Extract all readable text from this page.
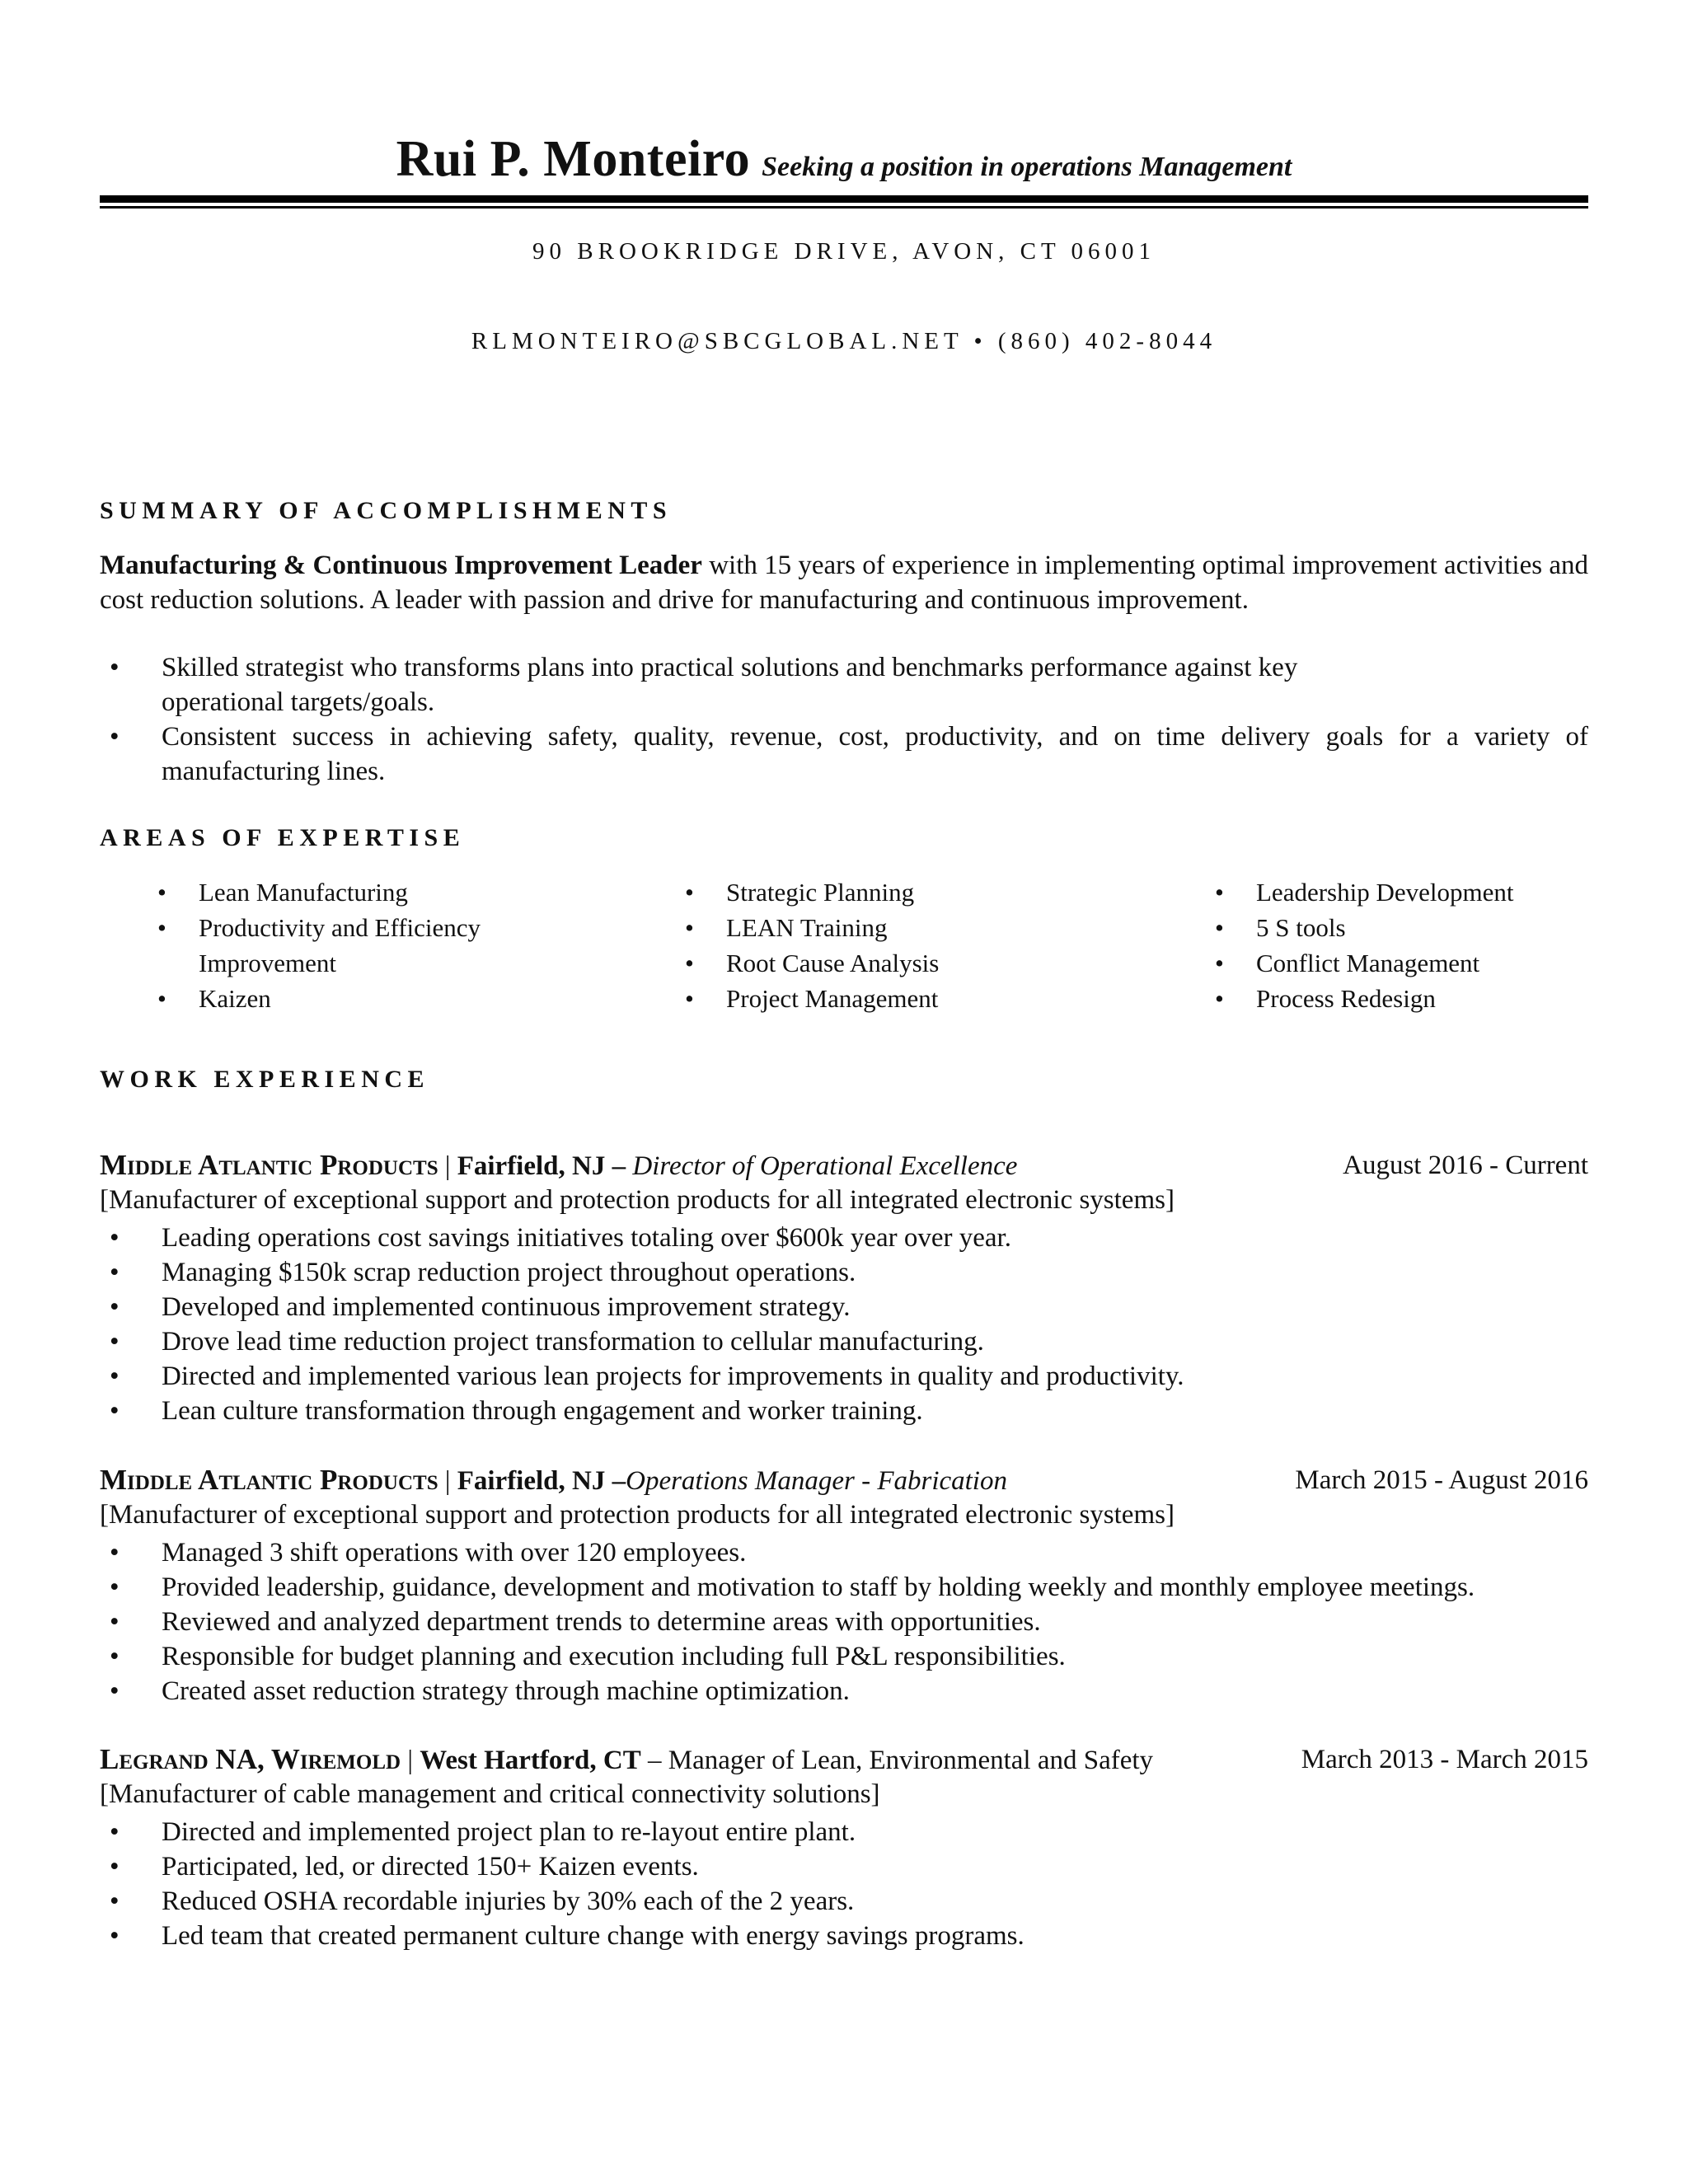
Rui P. Monteiro Seeking a position in operations Management
90 BROOKRIDGE DRIVE, AVON, CT 06001
RLMONTEIRO@SBCGLOBAL.NET • (860) 402-8044
SUMMARY OF ACCOMPLISHMENTS
Manufacturing & Continuous Improvement Leader with 15 years of experience in implementing optimal improvement activities and cost reduction solutions. A leader with passion and drive for manufacturing and continuous improvement.
• Skilled strategist who transforms plans into practical solutions and benchmarks performance against key operational targets/goals.
• Consistent success in achieving safety, quality, revenue, cost, productivity, and on time delivery goals for a variety of manufacturing lines.
AREAS OF EXPERTISE
• Lean Manufacturing
• Productivity and Efficiency Improvement
• Kaizen
• Strategic Planning
• LEAN Training
• Root Cause Analysis
• Project Management
• Leadership Development
• 5 S tools
• Conflict Management
• Process Redesign
WORK EXPERIENCE
Middle Atlantic Products | Fairfield, NJ – Director of Operational Excellence	August 2016 - Current
[Manufacturer of exceptional support and protection products for all integrated electronic systems]
• Leading operations cost savings initiatives totaling over $600k year over year.
• Managing $150k scrap reduction project throughout operations.
• Developed and implemented continuous improvement strategy.
• Drove lead time reduction project transformation to cellular manufacturing.
• Directed and implemented various lean projects for improvements in quality and productivity.
• Lean culture transformation through engagement and worker training.
Middle Atlantic Products | Fairfield, NJ –Operations Manager - Fabrication	March 2015 - August 2016
[Manufacturer of exceptional support and protection products for all integrated electronic systems]
• Managed 3 shift operations with over 120 employees.
• Provided leadership, guidance, development and motivation to staff by holding weekly and monthly employee meetings.
• Reviewed and analyzed department trends to determine areas with opportunities.
• Responsible for budget planning and execution including full P&L responsibilities.
• Created asset reduction strategy through machine optimization.
Legrand NA, Wiremold | West Hartford, CT – Manager of Lean, Environmental and Safety	March 2013 - March 2015
[Manufacturer of cable management and critical connectivity solutions]
• Directed and implemented project plan to re-layout entire plant.
• Participated, led, or directed 150+ Kaizen events.
• Reduced OSHA recordable injuries by 30% each of the 2 years.
• Led team that created permanent culture change with energy savings programs.
